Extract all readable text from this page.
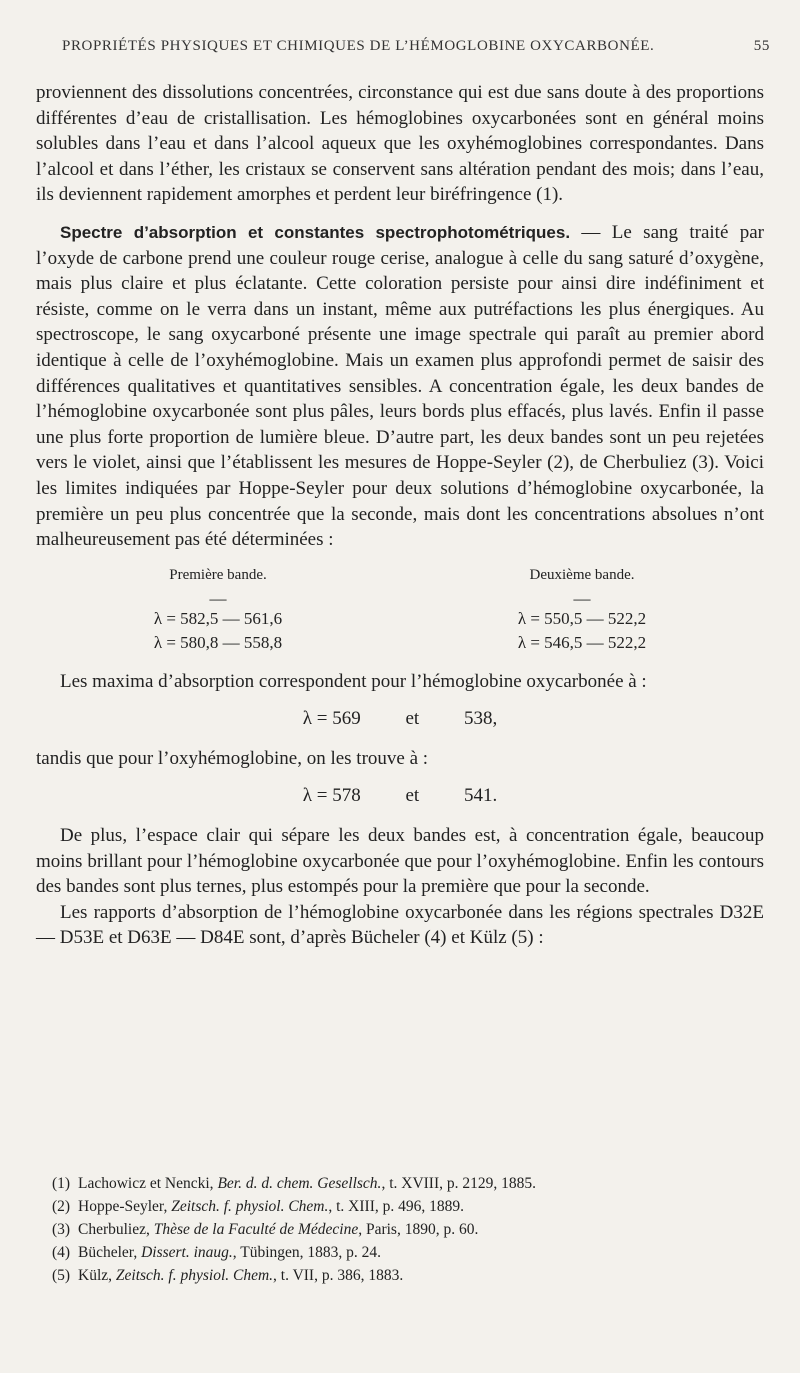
PROPRIÉTÉS PHYSIQUES ET CHIMIQUES DE L’HÉMOGLOBINE OXYCARBONÉE.	55

proviennent des dissolutions concentrées, circonstance qui est due sans doute à des proportions différentes d’eau de cristallisation. Les hémoglobines oxycarbonées sont en général moins solubles dans l’eau et dans l’alcool aqueux que les oxyhémoglobines correspondantes. Dans l’alcool et dans l’éther, les cristaux se conservent sans altération pendant des mois; dans l’eau, ils deviennent rapidement amorphes et perdent leur biréfringence (1).

Spectre d’absorption et constantes spectrophotométriques. — Le sang traité par l’oxyde de carbone prend une couleur rouge cerise, analogue à celle du sang saturé d’oxygène, mais plus claire et plus éclatante. Cette coloration persiste pour ainsi dire indéfiniment et résiste, comme on le verra dans un instant, même aux putréfactions les plus énergiques. Au spectroscope, le sang oxycarboné présente une image spectrale qui paraît au premier abord identique à celle de l’oxyhémoglobine. Mais un examen plus approfondi permet de saisir des différences qualitatives et quantitatives sensibles. A concentration égale, les deux bandes de l’hémoglobine oxycarbonée sont plus pâles, leurs bords plus effacés, plus lavés. Enfin il passe une plus forte proportion de lumière bleue. D’autre part, les deux bandes sont un peu rejetées vers le violet, ainsi que l’établissent les mesures de Hoppe-Seyler (2), de Cherbuliez (3). Voici les limites indiquées par Hoppe-Seyler pour deux solutions d’hémoglobine oxycarbonée, la première un peu plus concentrée que la seconde, mais dont les concentrations absolues n’ont malheureusement pas été déterminées :

Première bande.
—
λ = 582,5 — 561,6
λ = 580,8 — 558,8
Deuxième bande.
—
λ = 550,5 — 522,2
λ = 546,5 — 522,2

Les maxima d’absorption correspondent pour l’hémoglobine oxycarbonée à :

λ = 569 et 538,

tandis que pour l’oxyhémoglobine, on les trouve à :

λ = 578 et 541.

De plus, l’espace clair qui sépare les deux bandes est, à concentration égale, beaucoup moins brillant pour l’hémoglobine oxycarbonée que pour l’oxyhémoglobine. Enfin les contours des bandes sont plus ternes, plus estompés pour la première que pour la seconde.

Les rapports d’absorption de l’hémoglobine oxycarbonée dans les régions spectrales D32E — D53E et D63E — D84E sont, d’après Bücheler (4) et Külz (5) :

(1) Lachowicz et Nencki, Ber. d. d. chem. Gesellsch., t. XVIII, p. 2129, 1885.
(2) Hoppe-Seyler, Zeitsch. f. physiol. Chem., t. XIII, p. 496, 1889.
(3) Cherbuliez, Thèse de la Faculté de Médecine, Paris, 1890, p. 60.
(4) Bücheler, Dissert. inaug., Tübingen, 1883, p. 24.
(5) Külz, Zeitsch. f. physiol. Chem., t. VII, p. 386, 1883.
